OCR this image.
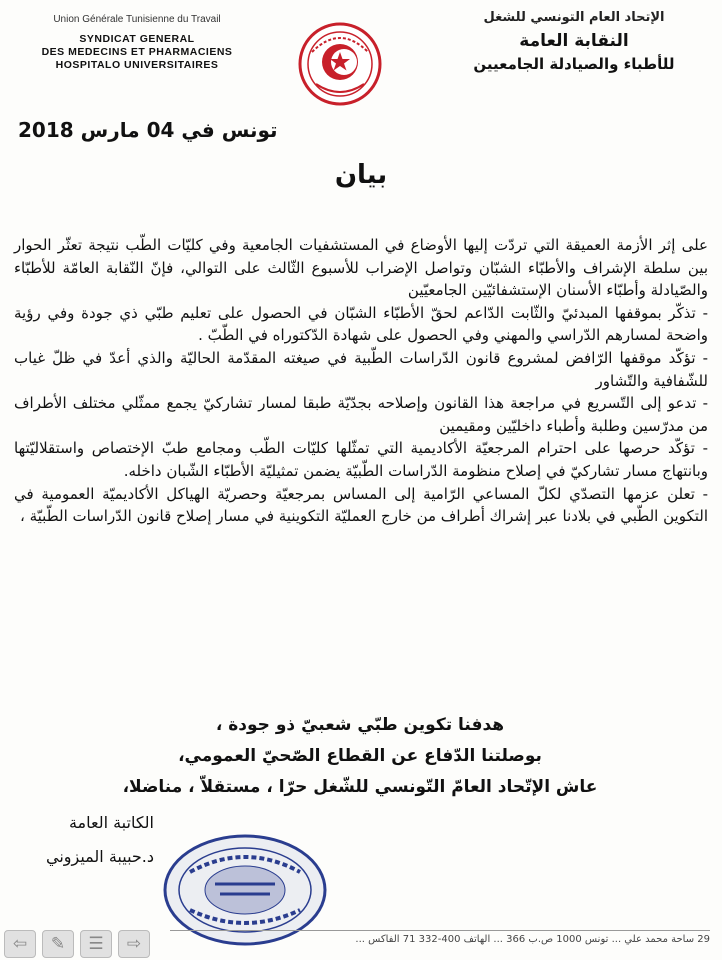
Union Générale Tunisienne du Travail
SYNDICAT GENERAL
DES MEDECINS ET PHARMACIENS
HOSPITALO UNIVERSITAIRES
الإتحاد العام التونسي للشغل
النقابة العامة
للأطباء والصيادلة الجامعيين
تونس في 04 مارس 2018
بيان

على إثر الأزمة العميقة التي تردّت إليها الأوضاع في المستشفيات الجامعية وفي كليّات الطّب نتيجة تعثّر الحوار بين سلطة الإشراف والأطبّاء الشبّان وتواصل الإضراب للأسبوع الثّالث على التوالي، فإنّ النّقابة العامّة للأطبّاء والصّيادلة وأطبّاء الأسنان الإستشفائيّين الجامعيّين

- تذكّر بموقفها المبدئيّ والثّابت الدّاعم لحقّ الأطبّاء الشبّان في الحصول على تعليم طبّي ذي جودة وفي رؤية واضحة لمسارهم الدّراسي والمهني وفي الحصول على شهادة الدّكتوراه في الطّبّ .

- تؤكّد موقفها الرّافض لمشروع قانون الدّراسات الطّبية في صيغته المقدّمة الحاليّة والذي أعدّ في ظلّ غياب للشّفافية والتّشاور

- تدعو إلى التّسريع في مراجعة هذا القانون وإصلاحه بجدّيّة طبقا لمسار تشاركيّ يجمع ممثّلي مختلف الأطراف من مدرّسين وطلبة وأطباء داخليّين ومقيمين

- تؤكّد حرصها على احترام المرجعيّة الأكاديمية التي تمثّلها كليّات الطّب ومجامع طبّ الإختصاص واستقلاليّتها وبانتهاج مسار تشاركيّ في إصلاح منظومة الدّراسات الطّبيّة يضمن تمثيليّة الأطبّاء الشّبان داخله.

- تعلن عزمها التصدّي لكلّ المساعي الرّامية إلى المساس بمرجعيّة وحصريّة الهياكل الأكاديميّة العمومية في التكوين الطّبي في بلادنا عبر إشراك أطراف من خارج العمليّة التكوينية في مسار إصلاح قانون الدّراسات الطّبيّة ،

هدفنا تكوين طبّي شعبيّ ذو جودة ،
بوصلتنا الدّفاع عن القطاع الصّحيّ العمومي،
عاش الإتّحاد العامّ التّونسي للشّغل حرّا ، مستقلاّ ، مناضلا،
الكاتبة العامة
د.حبيبة الميزوني
29 ساحة محمد علي ... تونس 1000 ص.ب 366 ... الهاتف 400-332 71 الفاكس ...
⇦	✎	☰	⇨
